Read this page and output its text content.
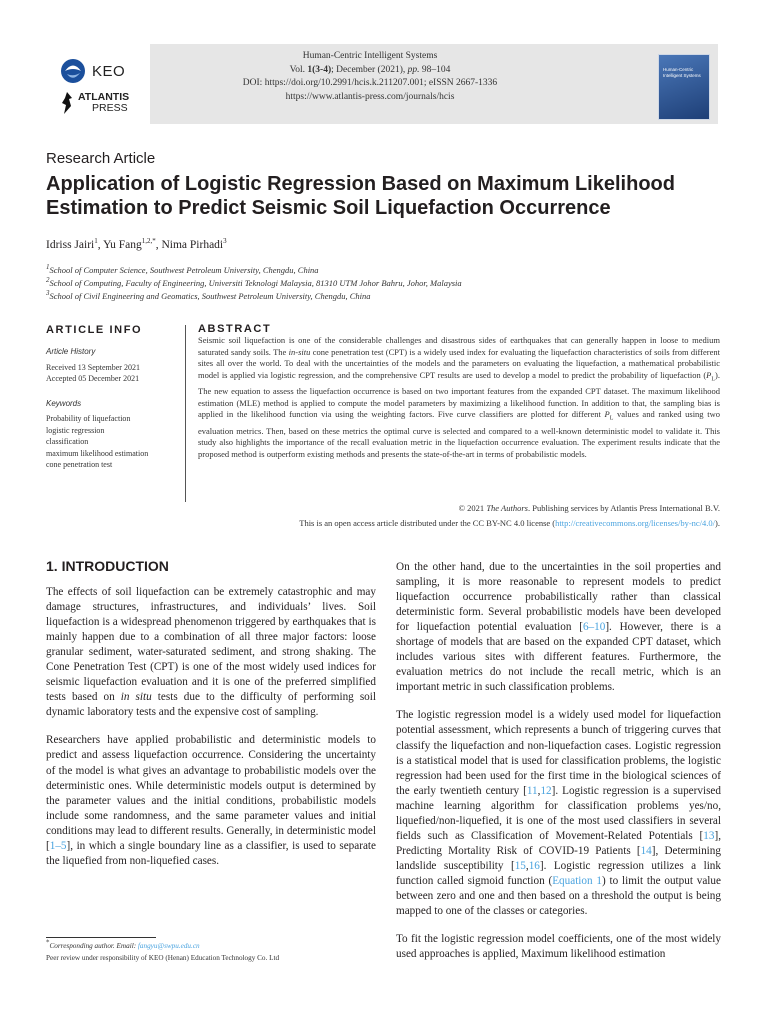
KEO
ATLANTIS
PRESS
Human-Centric Intelligent Systems
Vol. 1(3-4); December (2021), pp. 98–104
DOI: https://doi.org/10.2991/hcis.k.211207.001; eISSN 2667-1336
https://www.atlantis-press.com/journals/hcis
Human-Centric Intelligent Systems
Research Article
Application of Logistic Regression Based on Maximum Likelihood Estimation to Predict Seismic Soil Liquefaction Occurrence
Idriss Jairi$^1$, Yu Fang$^{1,2,*}$, Nima Pirhadi$^3$
$^1$School of Computer Science, Southwest Petroleum University, Chengdu, China
$^2$School of Computing, Faculty of Engineering, Universiti Teknologi Malaysia, 81310 UTM Johor Bahru, Johor, Malaysia
$^3$School of Civil Engineering and Geomatics, Southwest Petroleum University, Chengdu, China
ARTICLE INFO
Article History
Received 13 September 2021
Accepted 05 December 2021
Keywords
Probability of liquefaction
logistic regression
classification
maximum likelihood estimation
cone penetration test
ABSTRACT

Seismic soil liquefaction is one of the considerable challenges and disastrous sides of earthquakes that can generally happen in loose to medium saturated sandy soils. The in-situ cone penetration test (CPT) is a widely used index for evaluating the liquefaction characteristics of soils from different sites all over the world. To deal with the uncertainties of the models and the parameters on evaluating the liquefaction, a mathematical probabilistic model is applied via logistic regression, and the comprehensive CPT results are used to develop a model to predict the probability of liquefaction $(P_L)$. The new equation to assess the liquefaction occurrence is based on two important features from the expanded CPT dataset. The maximum likelihood estimation (MLE) method is applied to compute the model parameters by maximizing a likelihood function. In addition to that, the sampling bias is applied in the likelihood function via using the weighting factors. Five curve classifiers are plotted for different $P_L$ values and ranked using two evaluation metrics. Then, based on these metrics the optimal curve is selected and compared to a well-known deterministic model to validate it. This study also highlights the importance of the recall evaluation metric in the liquefaction occurrence evaluation. The experiment results indicate that the proposed method is outperform existing methods and presents the state-of-the-art in terms of probabilistic models.

© 2021 The Authors. Publishing services by Atlantis Press International B.V.
This is an open access article distributed under the CC BY-NC 4.0 license (http://creativecommons.org/licenses/by-nc/4.0/).
1. INTRODUCTION

The effects of soil liquefaction can be extremely catastrophic and may damage structures, infrastructures, and individuals’ lives. Soil liquefaction is a widespread phenomenon triggered by earthquakes that is mainly happen due to a combination of all three major factors: loose granular sediment, water-saturated sediment, and strong shaking. The Cone Penetration Test (CPT) is one of the most widely used indices for seismic liquefaction evaluation and it is one of the preferred simplified tests based on in situ tests due to the difficulty of performing soil dynamic laboratory tests and the expensive cost of sampling.

Researchers have applied probabilistic and deterministic models to predict and assess liquefaction occurrence. Considering the uncertainty of the model is what gives an advantage to probabilistic models over the deterministic ones. While deterministic models output is determined by the parameter values and the initial conditions, probabilistic models include some randomness, and the same parameter values and initial conditions may lead to different results. Generally, in deterministic model [1–5], in which a single boundary line as a classifier, is used to separate the liquefied from non-liquefied cases.

On the other hand, due to the uncertainties in the soil properties and sampling, it is more reasonable to represent models to predict liquefaction occurrence probabilistically rather than classical deterministic form. Several probabilistic models have been developed for liquefaction potential evaluation [6–10]. However, there is a shortage of models that are based on the expanded CPT dataset, which includes various sites with different features. Furthermore, the evaluation metrics do not include the recall metric, which is an important metric in such classification problems.

The logistic regression model is a widely used model for liquefaction potential assessment, which represents a bunch of triggering curves that classify the liquefaction and non-liquefaction cases. Logistic regression is a statistical model that is used for classification problems, the logistic regression had been used for the first time in the biological sciences of the early twentieth century [11,12]. Logistic regression is a supervised machine learning algorithm for classification problems yes/no, liquefied/non-liquefied, it is one of the most used classifiers in several fields such as Classification of Movement-Related Potentials [13], Predicting Mortality Risk of COVID-19 Patients [14], Determining landslide susceptibility [15,16]. Logistic regression utilizes a link function called sigmoid function (Equation 1) to limit the output value between zero and one and then based on a threshold the output is being mapped to one of the classes or categories.

To fit the logistic regression model coefficients, one of the most widely used approaches is applied, Maximum likelihood estimation

*Corresponding author. Email: fangyu@swpu.edu.cn
Peer review under responsibility of KEO (Henan) Education Technology Co. Ltd
